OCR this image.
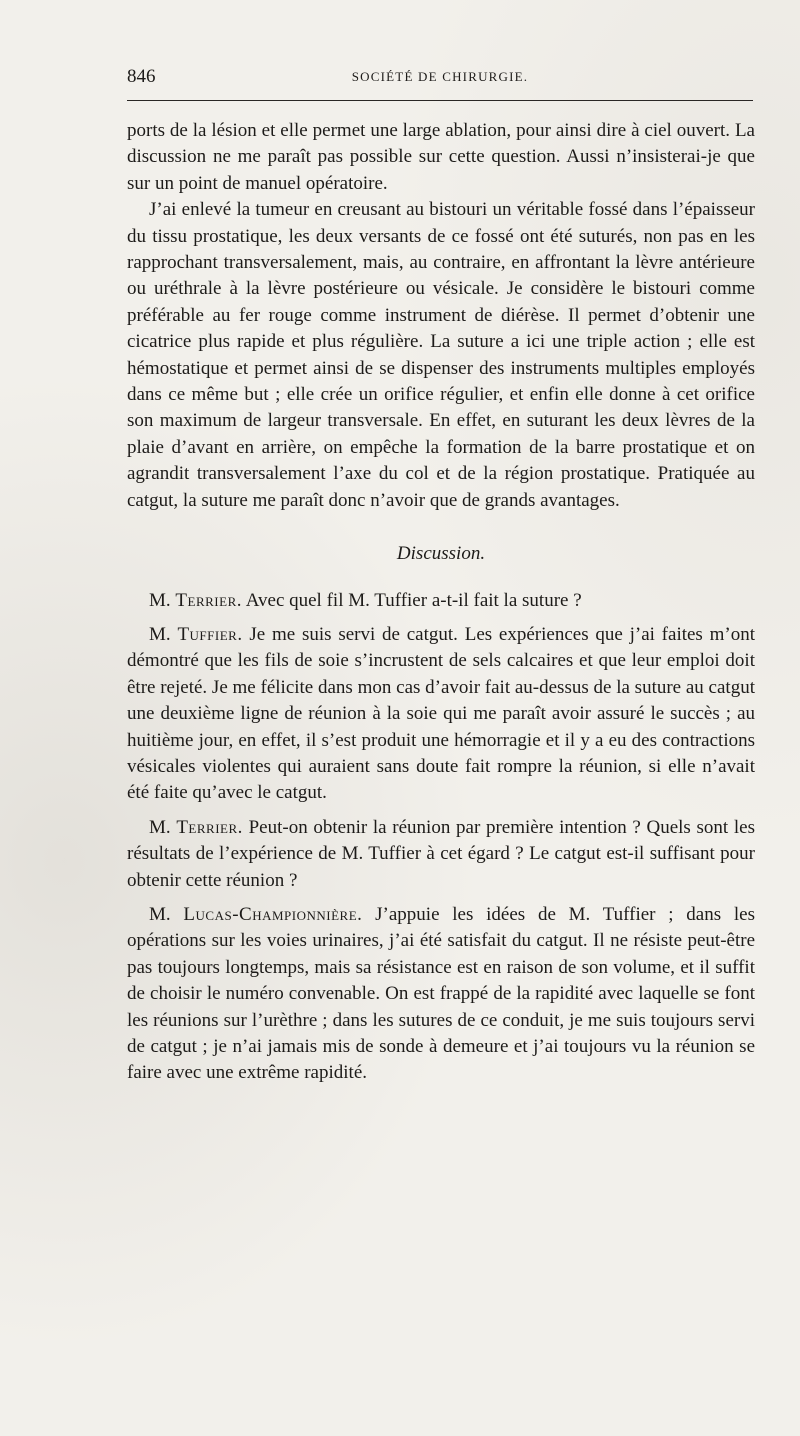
846	SOCIÉTÉ DE CHIRURGIE.

ports de la lésion et elle permet une large ablation, pour ainsi dire à ciel ouvert. La discussion ne me paraît pas possible sur cette question. Aussi n’insisterai-je que sur un point de manuel opératoire.

J’ai enlevé la tumeur en creusant au bistouri un véritable fossé dans l’épaisseur du tissu prostatique, les deux versants de ce fossé ont été suturés, non pas en les rapprochant transversalement, mais, au contraire, en affrontant la lèvre antérieure ou uréthrale à la lèvre postérieure ou vésicale. Je considère le bistouri comme préférable au fer rouge comme instrument de diérèse. Il permet d’obtenir une cicatrice plus rapide et plus régulière. La suture a ici une triple action ; elle est hémostatique et permet ainsi de se dispenser des instruments multiples employés dans ce même but ; elle crée un orifice régulier, et enfin elle donne à cet orifice son maximum de largeur transversale. En effet, en suturant les deux lèvres de la plaie d’avant en arrière, on empêche la formation de la barre prostatique et on agrandit transversalement l’axe du col et de la région prostatique. Pratiquée au catgut, la suture me paraît donc n’avoir que de grands avantages.

Discussion.

M. Terrier. Avec quel fil M. Tuffier a-t-il fait la suture ?

M. Tuffier. Je me suis servi de catgut. Les expériences que j’ai faites m’ont démontré que les fils de soie s’incrustent de sels calcaires et que leur emploi doit être rejeté. Je me félicite dans mon cas d’avoir fait au-dessus de la suture au catgut une deuxième ligne de réunion à la soie qui me paraît avoir assuré le succès ; au huitième jour, en effet, il s’est produit une hémorragie et il y a eu des contractions vésicales violentes qui auraient sans doute fait rompre la réunion, si elle n’avait été faite qu’avec le catgut.

M. Terrier. Peut-on obtenir la réunion par première intention ? Quels sont les résultats de l’expérience de M. Tuffier à cet égard ? Le catgut est-il suffisant pour obtenir cette réunion ?

M. Lucas-Championnière. J’appuie les idées de M. Tuffier ; dans les opérations sur les voies urinaires, j’ai été satisfait du catgut. Il ne résiste peut-être pas toujours longtemps, mais sa résistance est en raison de son volume, et il suffit de choisir le numéro convenable. On est frappé de la rapidité avec laquelle se font les réunions sur l’urèthre ; dans les sutures de ce conduit, je me suis toujours servi de catgut ; je n’ai jamais mis de sonde à demeure et j’ai toujours vu la réunion se faire avec une extrême rapidité.
